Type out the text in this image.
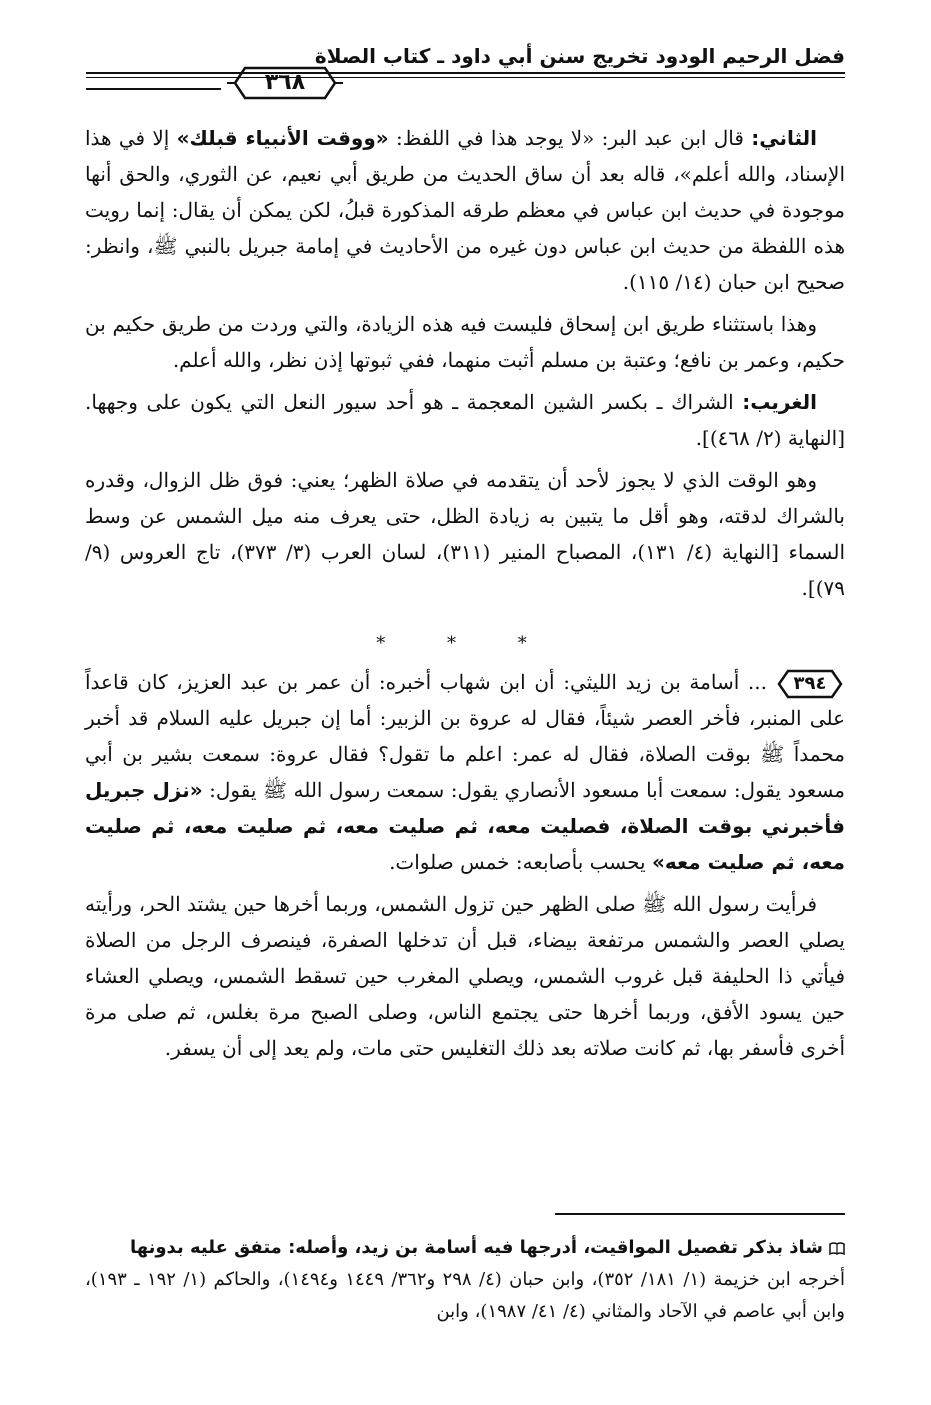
فضل الرحيم الودود تخريج سنن أبي داود ـ كتاب الصلاة
٣٦٨

الثاني: قال ابن عبد البر: «لا يوجد هذا في اللفظ: «ووقت الأنبياء قبلك» إلا في هذا الإسناد، والله أعلم»، قاله بعد أن ساق الحديث من طريق أبي نعيم، عن الثوري، والحق أنها موجودة في حديث ابن عباس في معظم طرقه المذكورة قبلُ، لكن يمكن أن يقال: إنما رويت هذه اللفظة من حديث ابن عباس دون غيره من الأحاديث في إمامة جبريل بالنبي ﷺ، وانظر: صحيح ابن حبان (١٤/ ١١٥).

وهذا باستثناء طريق ابن إسحاق فليست فيه هذه الزيادة، والتي وردت من طريق حكيم بن حكيم، وعمر بن نافع؛ وعتبة بن مسلم أثبت منهما، ففي ثبوتها إذن نظر، والله أعلم.

الغريب: الشراك ـ بكسر الشين المعجمة ـ هو أحد سيور النعل التي يكون على وجهها. [النهاية (٢/ ٤٦٨)].

وهو الوقت الذي لا يجوز لأحد أن يتقدمه في صلاة الظهر؛ يعني: فوق ظل الزوال، وقدره بالشراك لدقته، وهو أقل ما يتبين به زيادة الظل، حتى يعرف منه ميل الشمس عن وسط السماء [النهاية (٤/ ١٣١)، المصباح المنير (٣١١)، لسان العرب (٣/ ٣٧٣)، تاج العروس (٩/ ٧٩)].

* * *

٣٩٤
... أسامة بن زيد الليثي: أن ابن شهاب أخبره: أن عمر بن عبد العزيز، كان قاعداً على المنبر، فأخر العصر شيئاً، فقال له عروة بن الزبير: أما إن جبريل عليه السلام قد أخبر محمداً ﷺ بوقت الصلاة، فقال له عمر: اعلم ما تقول؟ فقال عروة: سمعت بشير بن أبي مسعود يقول: سمعت أبا مسعود الأنصاري يقول: سمعت رسول الله ﷺ يقول: «نزل جبريل فأخبرني بوقت الصلاة، فصليت معه، ثم صليت معه، ثم صليت معه، ثم صليت معه، ثم صليت معه» يحسب بأصابعه: خمس صلوات.

فرأيت رسول الله ﷺ صلى الظهر حين تزول الشمس، وربما أخرها حين يشتد الحر، ورأيته يصلي العصر والشمس مرتفعة بيضاء، قبل أن تدخلها الصفرة، فينصرف الرجل من الصلاة فيأتي ذا الحليفة قبل غروب الشمس، ويصلي المغرب حين تسقط الشمس، ويصلي العشاء حين يسود الأفق، وربما أخرها حتى يجتمع الناس، وصلى الصبح مرة بغلس، ثم صلى مرة أخرى فأسفر بها، ثم كانت صلاته بعد ذلك التغليس حتى مات، ولم يعد إلى أن يسفر.

شاذ بذكر تفصيل المواقيت، أدرجها فيه أسامة بن زيد، وأصله: متفق عليه بدونها

أخرجه ابن خزيمة (١/ ١٨١/ ٣٥٢)، وابن حبان (٤/ ٢٩٨ و٣٦٢/ ١٤٤٩ و١٤٩٤)، والحاكم (١/ ١٩٢ ـ ١٩٣)، وابن أبي عاصم في الآحاد والمثاني (٤/ ٤١/ ١٩٨٧)، وابن
